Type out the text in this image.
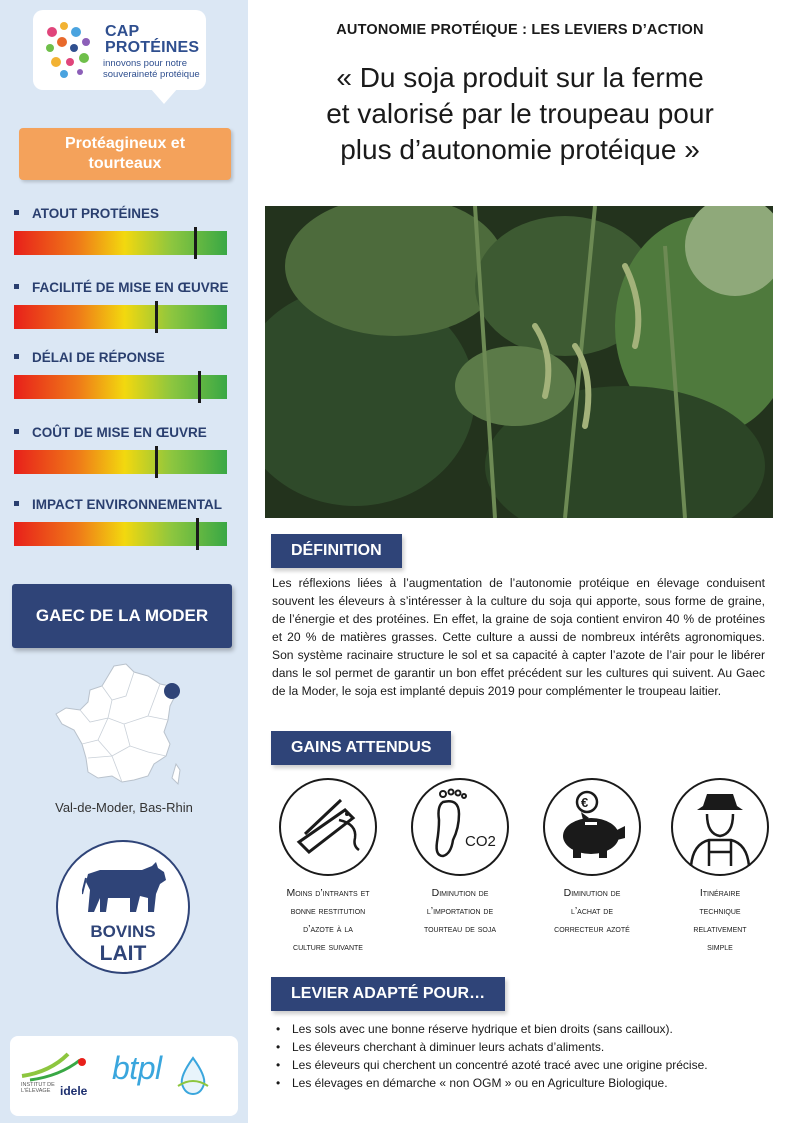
CAP
PROTÉINES
innovons pour notre
souveraineté protéique
Protéagineux et
tourteaux
ATOUT PROTÉINES
FACILITÉ DE MISE EN ŒUVRE
DÉLAI DE RÉPONSE
COÛT DE MISE EN ŒUVRE
IMPACT ENVIRONNEMENTAL
GAEC DE LA MODER
Val-de-Moder, Bas-Rhin
BOVINS
LAIT
INSTITUT DE L'ÉLEVAGE idele
btpl
AUTONOMIE PROTÉIQUE : LES LEVIERS D’ACTION
« Du soja produit sur la ferme
et valorisé par le troupeau pour
plus d’autonomie protéique »
DÉFINITION
Les réflexions liées à l’augmentation de l’autonomie protéique en élevage conduisent souvent les éleveurs à s’intéresser à la culture du soja qui apporte, sous forme de graine, de l’énergie et des protéines. En effet, la graine de soja contient environ 40 % de protéines et 20 % de matières grasses. Cette culture a aussi de nombreux intérêts agronomiques. Son système racinaire structure le sol et sa capacité à capter l’azote de l’air pour le libérer dans le sol permet de garantir un bon effet précédent sur les cultures qui suivent. Au Gaec de la Moder, le soja est implanté depuis 2019 pour complémenter le troupeau laitier.
GAINS ATTENDUS
Moins d’intrants et
bonne restitution
d’azote à la
culture suivante
CO2
Diminution de
l’importation de
tourteau de soja
€
Diminution de
l’achat de
correcteur azoté
Itinéraire
technique
relativement
simple
LEVIER ADAPTÉ POUR…
• Les sols avec une bonne réserve hydrique et bien droits (sans cailloux).
• Les éleveurs cherchant à diminuer leurs achats d’aliments.
• Les éleveurs qui cherchent un concentré azoté tracé avec une origine précise.
• Les élevages en démarche « non OGM » ou en Agriculture Biologique.
